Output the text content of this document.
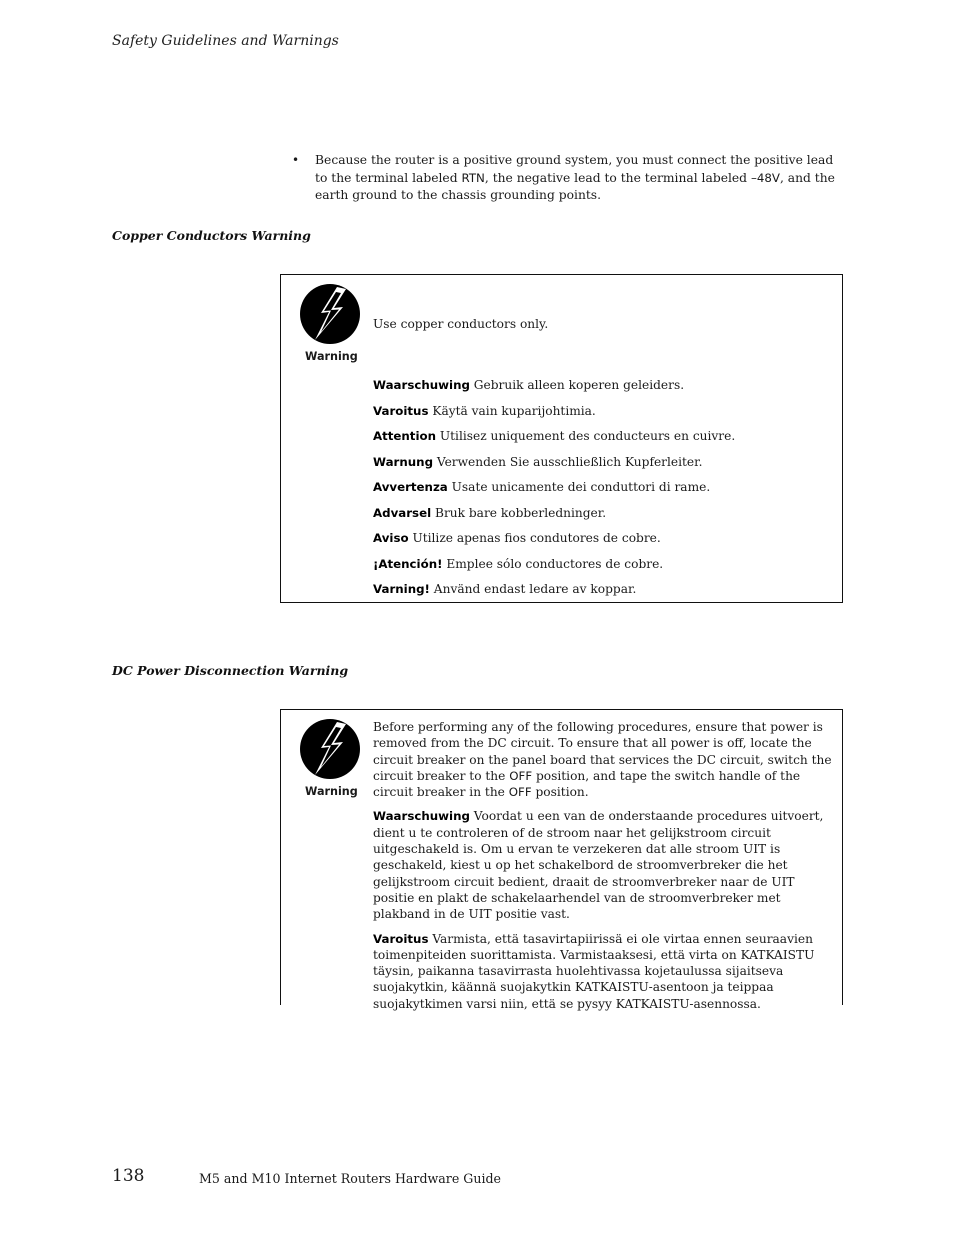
Safety Guidelines and Warnings
• Because the router is a positive ground system, you must connect the positive lead to the terminal labeled RTN, the negative lead to the terminal labeled –48V, and the earth ground to the chassis grounding points.
Copper Conductors Warning
Warning

Use copper conductors only.

Waarschuwing Gebruik alleen koperen geleiders.

Varoitus Käytä vain kuparijohtimia.

Attention Utilisez uniquement des conducteurs en cuivre.

Warnung Verwenden Sie ausschließlich Kupferleiter.

Avvertenza Usate unicamente dei conduttori di rame.

Advarsel Bruk bare kobberledninger.

Aviso Utilize apenas fios condutores de cobre.

¡Atención! Emplee sólo conductores de cobre.

Varning! Använd endast ledare av koppar.

DC Power Disconnection Warning
Warning

Before performing any of the following procedures, ensure that power is removed from the DC circuit. To ensure that all power is off, locate the circuit breaker on the panel board that services the DC circuit, switch the circuit breaker to the OFF position, and tape the switch handle of the circuit breaker in the OFF position.

Waarschuwing Voordat u een van de onderstaande procedures uitvoert, dient u te controleren of de stroom naar het gelijkstroom circuit uitgeschakeld is. Om u ervan te verzekeren dat alle stroom UIT is geschakeld, kiest u op het schakelbord de stroomverbreker die het gelijkstroom circuit bedient, draait de stroomverbreker naar de UIT positie en plakt de schakelaarhendel van de stroomverbreker met plakband in de UIT positie vast.

Varoitus Varmista, että tasavirtapiirissä ei ole virtaa ennen seuraavien toimenpiteiden suorittamista. Varmistaaksesi, että virta on KATKAISTU täysin, paikanna tasavirrasta huolehtivassa kojetaulussa sijaitseva suojakytkin, käännä suojakytkin KATKAISTU-asentoon ja teippaa suojakytkimen varsi niin, että se pysyy KATKAISTU-asennossa.

138	M5 and M10 Internet Routers Hardware Guide
